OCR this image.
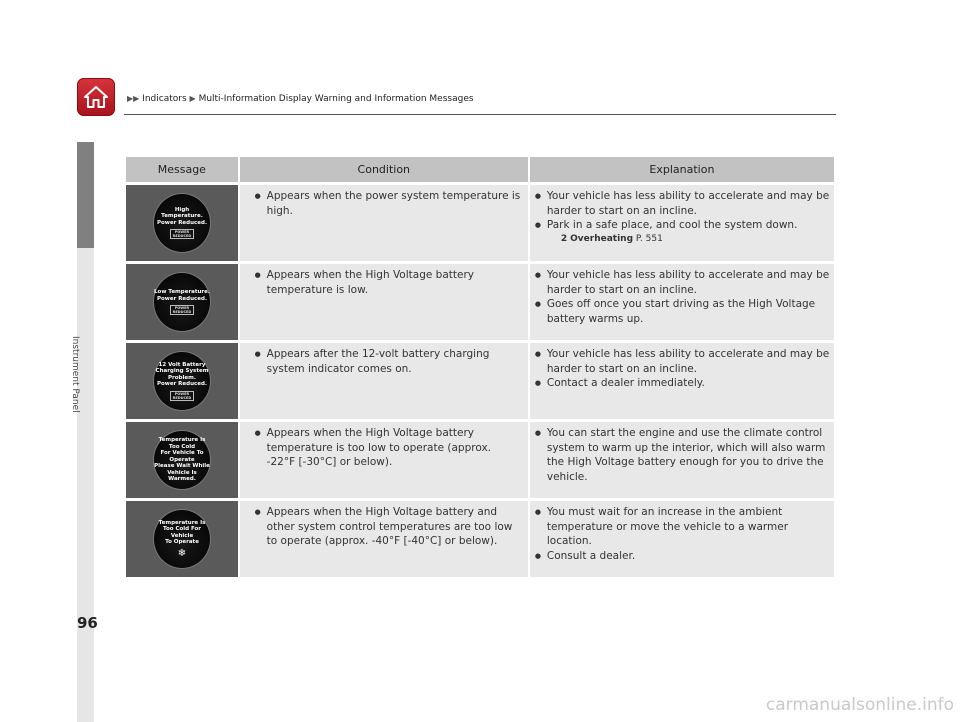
▶▶ Indicators ▶ Multi-Information Display Warning and Information Messages
Instrument Panel
Message	Condition	Explanation
High Temperature.
Power Reduced.
POWER
REDUCED

● Appears when the power system temperature is high.

● Your vehicle has less ability to accelerate and may be harder to start on an incline.

● Park in a safe place, and cool the system down.

2 Overheating P. 551

Low Temperature.
Power Reduced.
POWER
REDUCED

● Appears when the High Voltage battery temperature is low.

● Your vehicle has less ability to accelerate and may be harder to start on an incline.

● Goes off once you start driving as the High Voltage battery warms up.

12 Volt Battery
Charging System
Problem.
Power Reduced.
POWER
REDUCED

● Appears after the 12-volt battery charging system indicator comes on.

● Your vehicle has less ability to accelerate and may be harder to start on an incline.

● Contact a dealer immediately.

Temperature Is Too Cold
For Vehicle To Operate
Please Wait While
Vehicle Is Warmed.

● Appears when the High Voltage battery temperature is too low to operate (approx. -22°F [-30°C] or below).

● You can start the engine and use the climate control system to warm up the interior, which will also warm the High Voltage battery enough for you to drive the vehicle.

Temperature Is
Too Cold For Vehicle
To Operate
❄

● Appears when the High Voltage battery and other system control temperatures are too low to operate (approx. -40°F [-40°C] or below).

● You must wait for an increase in the ambient temperature or move the vehicle to a warmer location.

● Consult a dealer.

96
carmanualsonline.info
